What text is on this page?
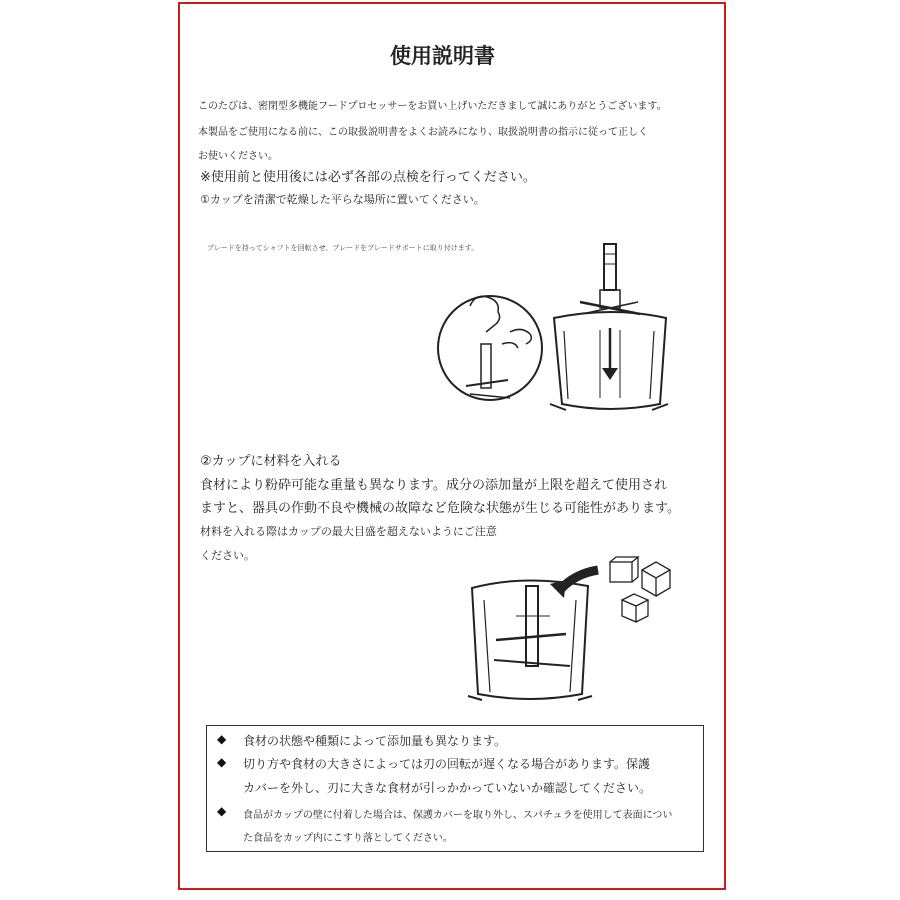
使用説明書
このたびは、密閉型多機能フードプロセッサーをお買い上げいただきまして誠にありがとうございます。
本製品をご使用になる前に、この取扱説明書をよくお読みになり、取扱説明書の指示に従って正しく
お使いください。
※使用前と使用後には必ず各部の点検を行ってください。
①カップを清潔で乾燥した平らな場所に置いてください。
ブレードを持ってシャフトを回転させ、ブレードをブレードサポートに取り付けます。
②カップに材料を入れる
食材により粉砕可能な重量も異なります。成分の添加量が上限を超えて使用され
ますと、器具の作動不良や機械の故障など危険な状態が生じる可能性があります。
材料を入れる際はカップの最大目盛を超えないようにご注意
ください。
◆ 食材の状態や種類によって添加量も異なります。
◆ 切り方や食材の大きさによっては刃の回転が遅くなる場合があります。保護
カバーを外し、刃に大きな食材が引っかかっていないか確認してください。
◆ 食品がカップの壁に付着した場合は、保護カバーを取り外し、スパチュラを使用して表面につい
た食品をカップ内にこすり落としてください。
